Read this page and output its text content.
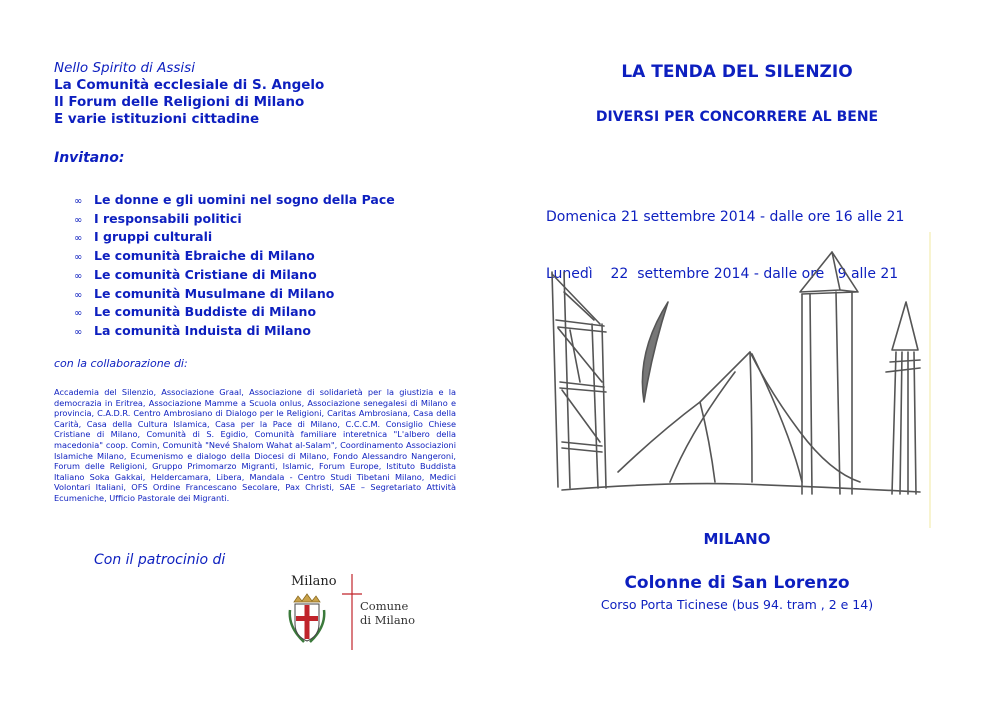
Nello Spirito di Assisi
La Comunità ecclesiale di S. Angelo
Il Forum delle Religioni di Milano
E varie istituzioni cittadine
Invitano:
∞ Le donne e gli uomini nel sogno della Pace
∞ I responsabili politici
∞ I gruppi culturali
∞ Le comunità Ebraiche di Milano
∞ Le comunità Cristiane di Milano
∞ Le comunità Musulmane di Milano
∞ Le comunità Buddiste di Milano
∞ La comunità Induista di Milano
con la collaborazione di:
Accademia del Silenzio, Associazione Graal, Associazione di solidarietà per la giustizia e la democrazia in Eritrea, Associazione Mamme a Scuola onlus, Associazione senegalesi di Milano e provincia, C.A.D.R. Centro Ambrosiano di Dialogo per le Religioni, Caritas Ambrosiana, Casa della Carità, Casa della Cultura Islamica, Casa per la Pace di Milano, C.C.C.M. Consiglio Chiese Cristiane di Milano, Comunità di S. Egidio, Comunità familiare interetnica "L'albero della macedonia" coop. Comin, Comunità "Nevé Shalom Wahat al-Salam", Coordinamento Associazioni Islamiche Milano, Ecumenismo e dialogo della Diocesi di Milano, Fondo Alessandro Nangeroni, Forum delle Religioni, Gruppo Primomarzo Migranti, Islamic, Forum Europe, Istituto Buddista Italiano Soka Gakkai, Heldercamara, Libera, Mandala - Centro Studi Tibetani Milano, Medici Volontari Italiani, OFS Ordine Francescano Secolare, Pax Christi, SAE – Segretariato Attività Ecumeniche, Ufficio Pastorale dei Migranti.
Con il patrocinio di
Milano
Comune
di Milano
LA TENDA DEL SILENZIO
DIVERSI PER CONCORRERE AL BENE

Domenica 21 settembre 2014 - dalle ore 16 alle 21

Lunedì    22  settembre 2014 - dalle ore   9 alle 21

MILANO
Colonne di San Lorenzo
Corso Porta Ticinese (bus 94. tram , 2 e 14)
